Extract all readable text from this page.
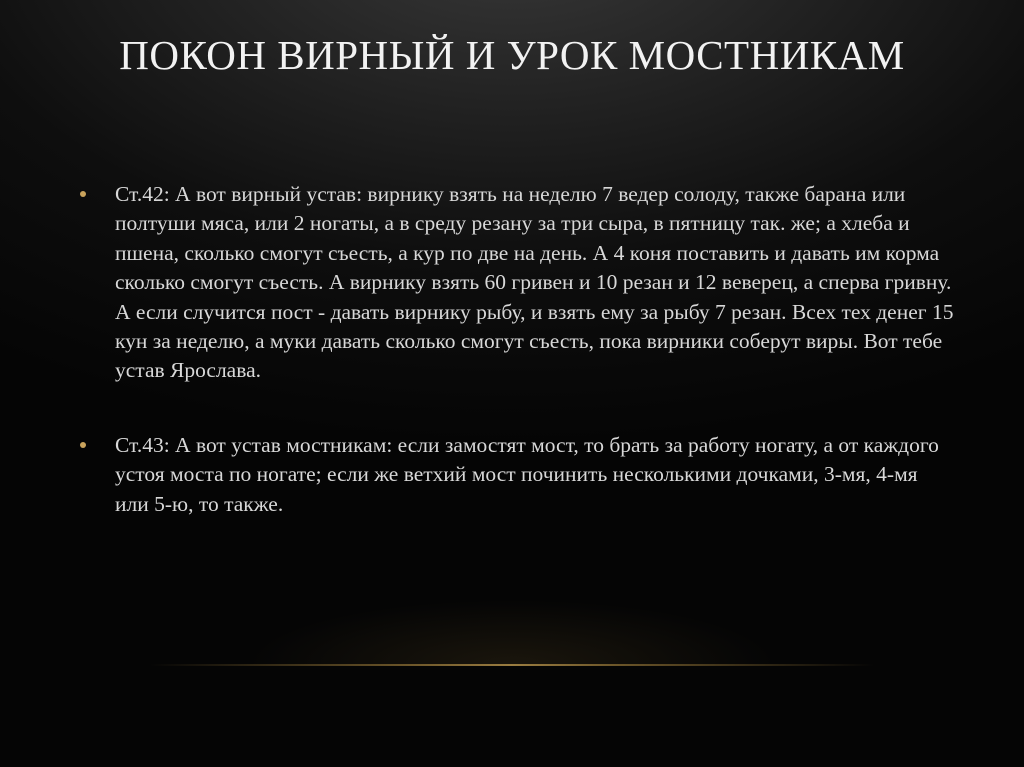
ПОКОН ВИРНЫЙ И УРОК МОСТНИКАМ
Ст.42: А вот вирный устав: вирнику взять на неделю 7 ведер солоду, также барана или полтуши мяса, или 2 ногаты, а в среду резану за три сыра, в пятницу так. же; а хлеба и пшена, сколько смогут съесть, а кур по две на день. А 4 коня поставить и давать им корма сколько смогут съесть. А вирнику взять 60 гривен и 10 резан и 12 веверец, а сперва гривну. А если случится пост - давать вирнику рыбу, и взять ему за рыбу 7 резан. Всех тех денег 15 кун за неделю, а муки давать сколько смогут съесть, пока вирники соберут виры. Вот тебе устав Ярослава.
Ст.43: А вот устав мостникам: если замостят мост, то брать за работу ногату, а от каждого устоя моста по ногате; если же ветхий мост починить несколькими дочками, 3-мя, 4-мя или 5-ю, то также.
